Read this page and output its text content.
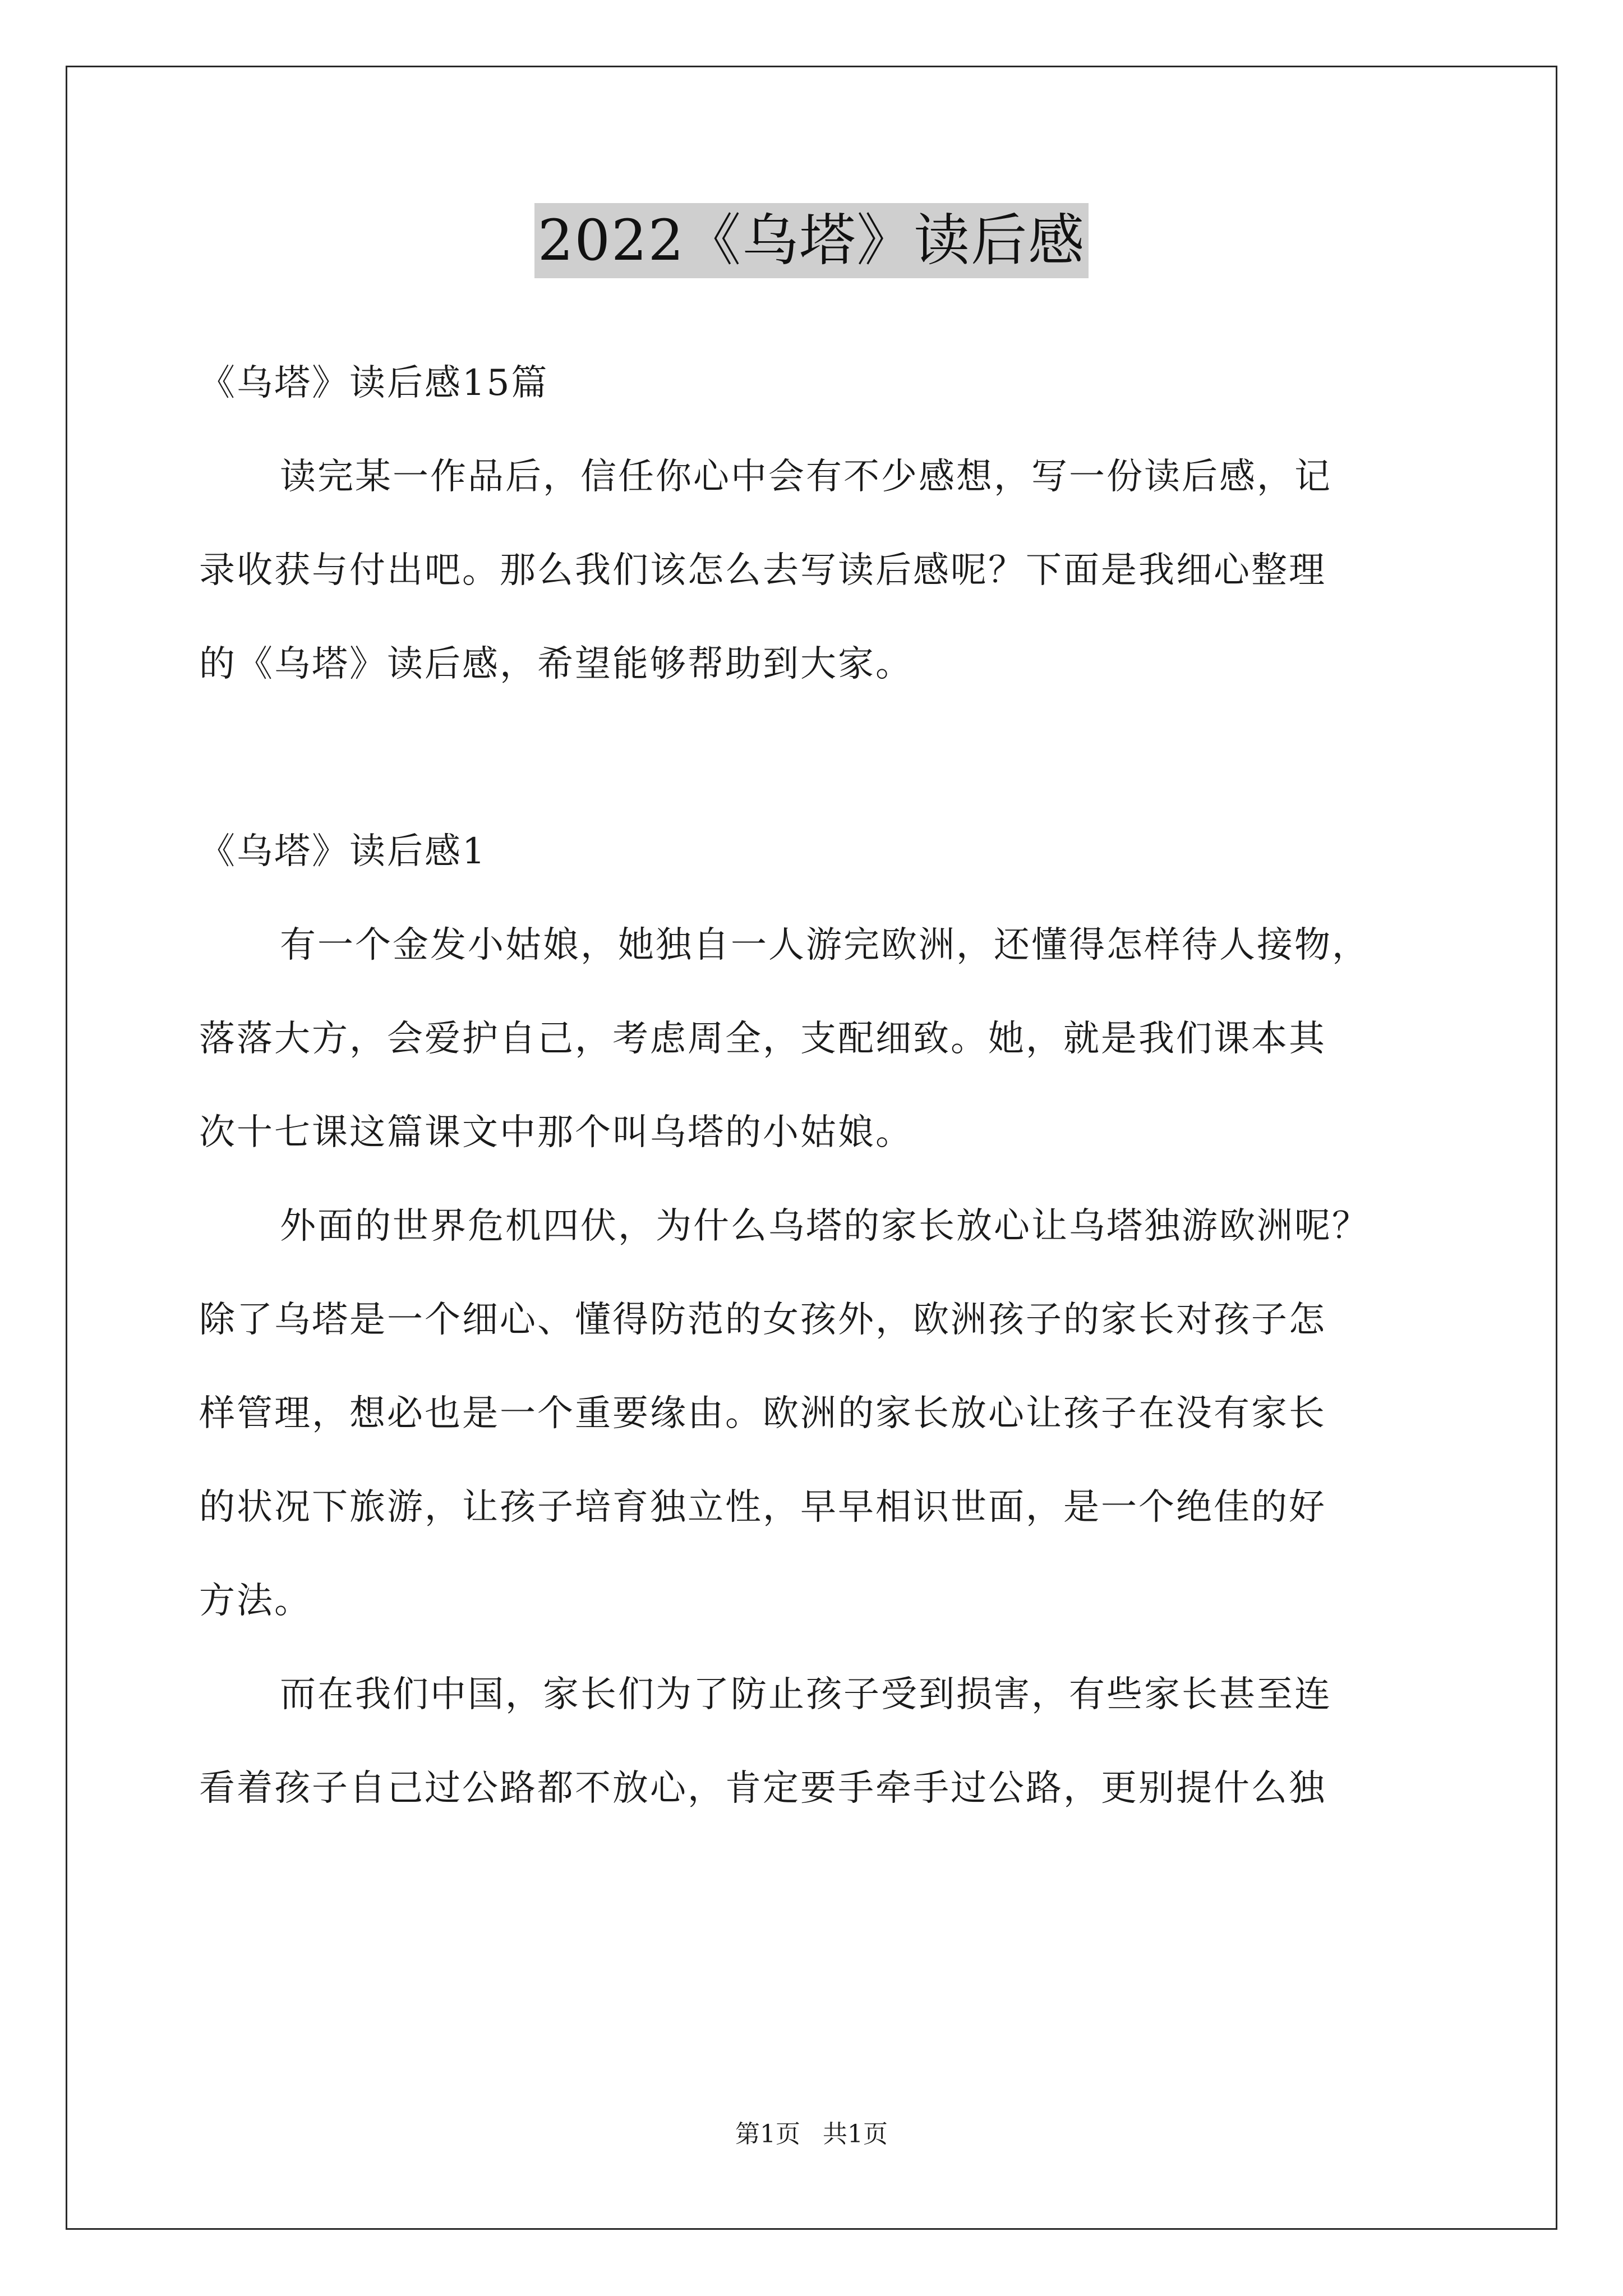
2022《乌塔》读后感
《乌塔》读后感15篇
读完某一作品后，信任你心中会有不少感想，写一份读后感，记
录收获与付出吧。那么我们该怎么去写读后感呢？下面是我细心整理
的《乌塔》读后感，希望能够帮助到大家。
《乌塔》读后感1
有一个金发小姑娘，她独自一人游完欧洲，还懂得怎样待人接物，
落落大方，会爱护自己，考虑周全，支配细致。她，就是我们课本其
次十七课这篇课文中那个叫乌塔的小姑娘。
外面的世界危机四伏，为什么乌塔的家长放心让乌塔独游欧洲呢？
除了乌塔是一个细心、懂得防范的女孩外，欧洲孩子的家长对孩子怎
样管理，想必也是一个重要缘由。欧洲的家长放心让孩子在没有家长
的状况下旅游，让孩子培育独立性，早早相识世面，是一个绝佳的好
方法。
而在我们中国，家长们为了防止孩子受到损害，有些家长甚至连
看着孩子自己过公路都不放心，肯定要手牵手过公路，更别提什么独
第1页 共1页
